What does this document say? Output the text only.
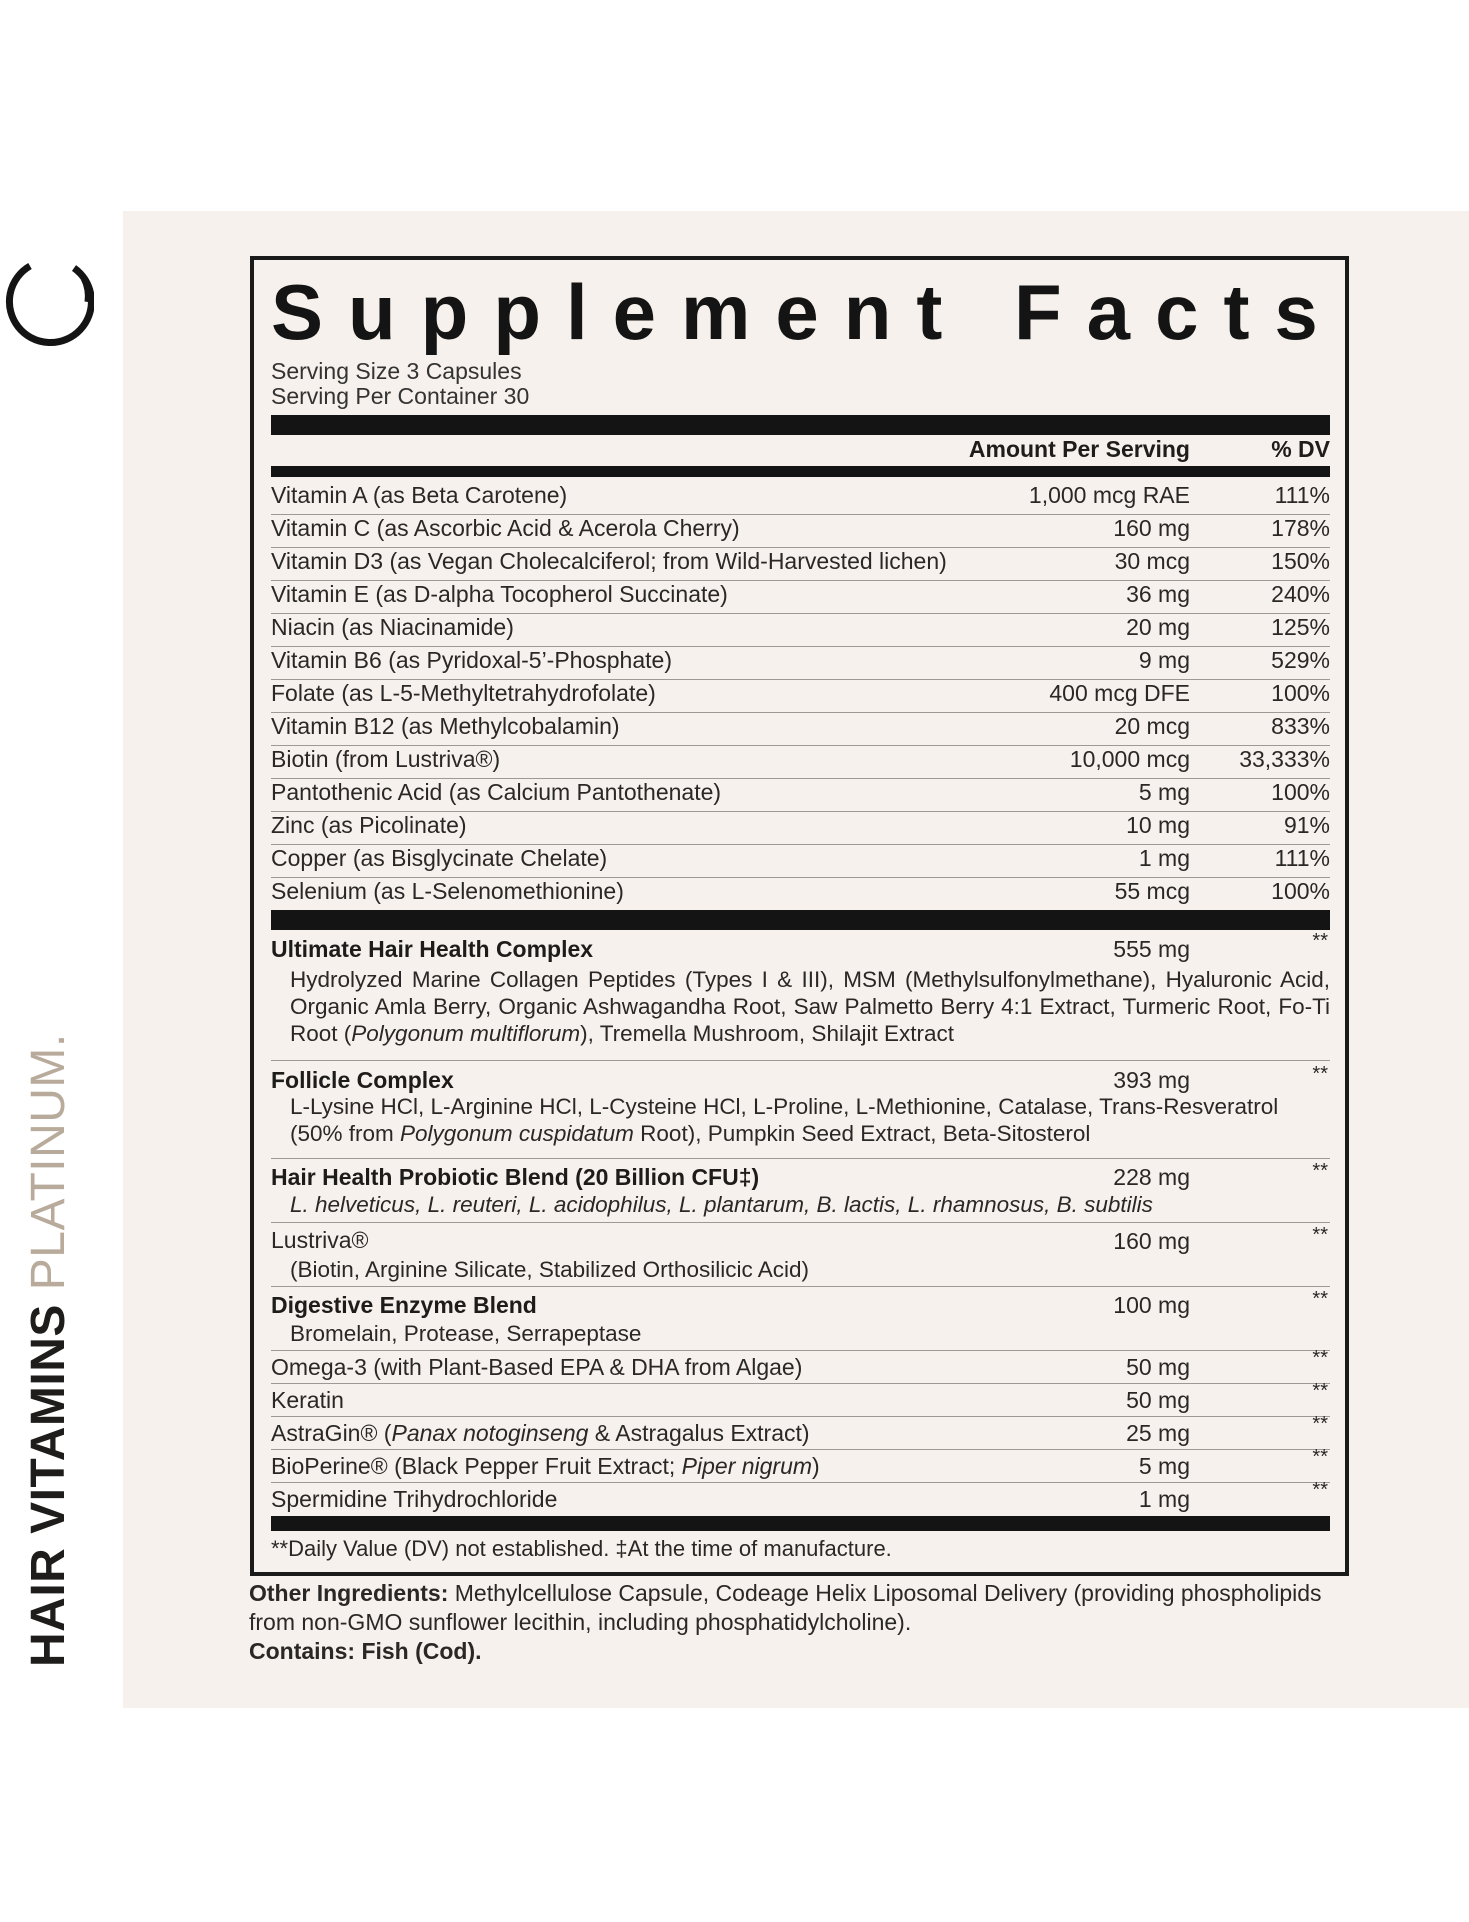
HAIR VITAMINS PLATINUM.
Supplement Facts
Serving Size 3 Capsules
Serving Per Container 30
Amount Per Serving	% DV
Vitamin A (as Beta Carotene)	1,000 mcg RAE	111%
Vitamin C (as Ascorbic Acid & Acerola Cherry)	160 mg	178%
Vitamin D3 (as Vegan Cholecalciferol; from Wild-Harvested lichen)	30 mcg	150%
Vitamin E (as D-alpha Tocopherol Succinate)	36 mg	240%
Niacin (as Niacinamide)	20 mg	125%
Vitamin B6 (as Pyridoxal-5’-Phosphate)	9 mg	529%
Folate (as L-5-Methyltetrahydrofolate)	400 mcg DFE	100%
Vitamin B12 (as Methylcobalamin)	20 mcg	833%
Biotin (from Lustriva®)	10,000 mcg 33,333%
Pantothenic Acid (as Calcium Pantothenate)	5 mg	100%
Zinc (as Picolinate)	10 mg	91%
Copper (as Bisglycinate Chelate)	1 mg	111%
Selenium (as L-Selenomethionine)	55 mcg	100%
Ultimate Hair Health Complex	555 mg	**
Hydrolyzed Marine Collagen Peptides (Types I & III), MSM (Methylsulfonylmethane), Hyaluronic Acid, Organic Amla Berry, Organic Ashwagandha Root, Saw Palmetto Berry 4:1 Extract, Turmeric Root, Fo-Ti Root (Polygonum multiflorum), Tremella Mushroom, Shilajit Extract
Follicle Complex	393 mg	**
L-Lysine HCl, L-Arginine HCl, L-Cysteine HCl, L-Proline, L-Methionine, Catalase, Trans-Resveratrol (50% from Polygonum cuspidatum Root), Pumpkin Seed Extract, Beta-Sitosterol
Hair Health Probiotic Blend (20 Billion CFU‡)	228 mg	**
L. helveticus, L. reuteri, L. acidophilus, L. plantarum, B. lactis, L. rhamnosus, B. subtilis
Lustriva®	160 mg	**
(Biotin, Arginine Silicate, Stabilized Orthosilicic Acid)
Digestive Enzyme Blend	100 mg	**
Bromelain, Protease, Serrapeptase
Omega-3 (with Plant-Based EPA & DHA from Algae)	50 mg	**
Keratin	50 mg	**
AstraGin® (Panax notoginseng & Astragalus Extract)	25 mg	**
BioPerine® (Black Pepper Fruit Extract; Piper nigrum)	5 mg	**
Spermidine Trihydrochloride	1 mg	**
**Daily Value (DV) not established. ‡At the time of manufacture.
Other Ingredients: Methylcellulose Capsule, Codeage Helix Liposomal Delivery (providing phospholipids from non-GMO sunflower lecithin, including phosphatidylcholine).
Contains: Fish (Cod).
